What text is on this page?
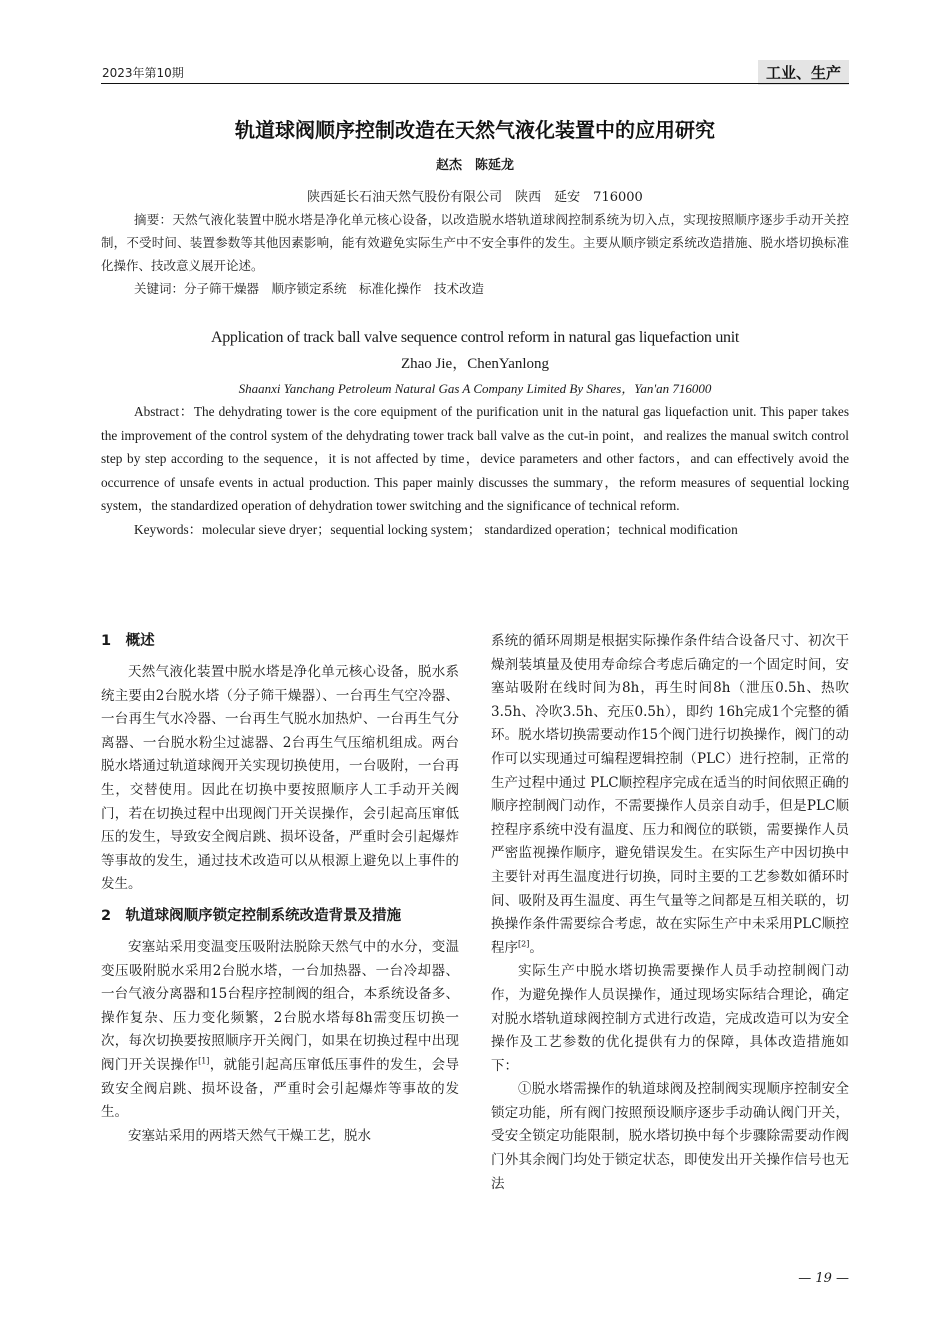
2023年第10期	工业、生产
轨道球阀顺序控制改造在天然气液化装置中的应用研究
赵杰　陈延龙
陕西延长石油天然气股份有限公司　陕西　延安　716000

摘要：天然气液化装置中脱水塔是净化单元核心设备，以改造脱水塔轨道球阀控制系统为切入点，实现按照顺序逐步手动开关控制，不受时间、装置参数等其他因素影响，能有效避免实际生产中不安全事件的发生。主要从顺序锁定系统改造措施、脱水塔切换标准化操作、技改意义展开论述。

关键词：分子筛干燥器　顺序锁定系统　标准化操作　技术改造

Application of track ball valve sequence control reform in natural gas liquefaction unit
Zhao Jie，ChenYanlong
Shaanxi Yanchang Petroleum Natural Gas A Company Limited By Shares，Yan'an 716000

Abstract：The dehydrating tower is the core equipment of the purification unit in the natural gas liquefaction unit. This paper takes the improvement of the control system of the dehydrating tower track ball valve as the cut-in point，and realizes the manual switch control step by step according to the sequence，it is not affected by time，device parameters and other factors，and can effectively avoid the occurrence of unsafe events in actual production. This paper mainly discusses the summary，the reform measures of sequential locking system，the standardized operation of dehydration tower switching and the significance of technical reform.

Keywords：molecular sieve dryer；sequential locking system； standardized operation；technical modification

1　概述

天然气液化装置中脱水塔是净化单元核心设备，脱水系统主要由2台脱水塔（分子筛干燥器）、一台再生气空冷器、一台再生气水冷器、一台再生气脱水加热炉、一台再生气分离器、一台脱水粉尘过滤器、2台再生气压缩机组成。两台脱水塔通过轨道球阀开关实现切换使用，一台吸附，一台再生，交替使用。因此在切换中要按照顺序人工手动开关阀门，若在切换过程中出现阀门开关误操作，会引起高压窜低压的发生，导致安全阀启跳、损坏设备，严重时会引起爆炸等事故的发生，通过技术改造可以从根源上避免以上事件的发生。

2　轨道球阀顺序锁定控制系统改造背景及措施

安塞站采用变温变压吸附法脱除天然气中的水分，变温变压吸附脱水采用2台脱水塔，一台加热器、一台冷却器、一台气液分离器和15台程序控制阀的组合，本系统设备多、操作复杂、压力变化频繁，2台脱水塔每8h需变压切换一次，每次切换要按照顺序开关阀门，如果在切换过程中出现阀门开关误操作[1]，就能引起高压窜低压事件的发生，会导致安全阀启跳、损坏设备，严重时会引起爆炸等事故的发生。

安塞站采用的两塔天然气干燥工艺，脱水

系统的循环周期是根据实际操作条件结合设备尺寸、初次干燥剂装填量及使用寿命综合考虑后确定的一个固定时间，安塞站吸附在线时间为8h，再生时间8h（泄压0.5h、热吹3.5h、冷吹3.5h、充压0.5h），即约 16h完成1个完整的循环。脱水塔切换需要动作15个阀门进行切换操作，阀门的动作可以实现通过可编程逻辑控制（PLC）进行控制，正常的生产过程中通过 PLC顺控程序完成在适当的时间依照正确的顺序控制阀门动作，不需要操作人员亲自动手，但是PLC顺控程序系统中没有温度、压力和阀位的联锁，需要操作人员严密监视操作顺序，避免错误发生。在实际生产中因切换中主要针对再生温度进行切换，同时主要的工艺参数如循环时间、吸附及再生温度、再生气量等之间都是互相关联的，切换操作条件需要综合考虑，故在实际生产中未采用PLC顺控程序[2]。

实际生产中脱水塔切换需要操作人员手动控制阀门动作，为避免操作人员误操作，通过现场实际结合理论，确定对脱水塔轨道球阀控制方式进行改造，完成改造可以为安全操作及工艺参数的优化提供有力的保障，具体改造措施如下：

①脱水塔需操作的轨道球阀及控制阀实现顺序控制安全锁定功能，所有阀门按照预设顺序逐步手动确认阀门开关，受安全锁定功能限制，脱水塔切换中每个步骤除需要动作阀门外其余阀门均处于锁定状态，即使发出开关操作信号也无法

— 19 —
